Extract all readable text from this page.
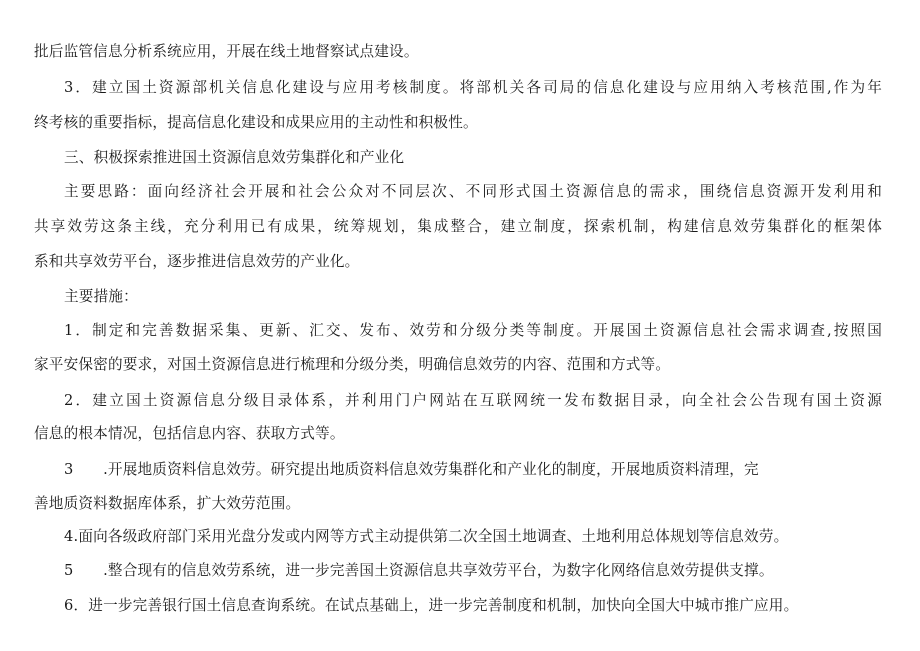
批后监管信息分析系统应用，开展在线土地督察试点建设。
3．建立国土资源部机关信息化建设与应用考核制度。将部机关各司局的信息化建设与应用纳入考核范围,作为年
终考核的重要指标，提高信息化建设和成果应用的主动性和积极性。
三、积极探索推进国土资源信息效劳集群化和产业化
主要思路：面向经济社会开展和社会公众对不同层次、不同形式国土资源信息的需求，围绕信息资源开发利用和
共享效劳这条主线，充分利用已有成果，统筹规划，集成整合，建立制度，探索机制，构建信息效劳集群化的框架体
系和共享效劳平台，逐步推进信息效劳的产业化。
主要措施：
1．制定和完善数据采集、更新、汇交、发布、效劳和分级分类等制度。开展国土资源信息社会需求调查,按照国
家平安保密的要求，对国土资源信息进行梳理和分级分类，明确信息效劳的内容、范围和方式等。
2．建立国土资源信息分级目录体系，并利用门户网站在互联网统一发布数据目录，向全社会公告现有国土资源
信息的根本情况，包括信息内容、获取方式等。
3　　.开展地质资料信息效劳。研究提出地质资料信息效劳集群化和产业化的制度，开展地质资料清理，完
善地质资料数据库体系，扩大效劳范围。
4.面向各级政府部门采用光盘分发或内网等方式主动提供第二次全国土地调查、土地利用总体规划等信息效劳。
5　　.整合现有的信息效劳系统，进一步完善国土资源信息共享效劳平台，为数字化网络信息效劳提供支撑。
6．进一步完善银行国土信息查询系统。在试点基础上，进一步完善制度和机制，加快向全国大中城市推广应用。
